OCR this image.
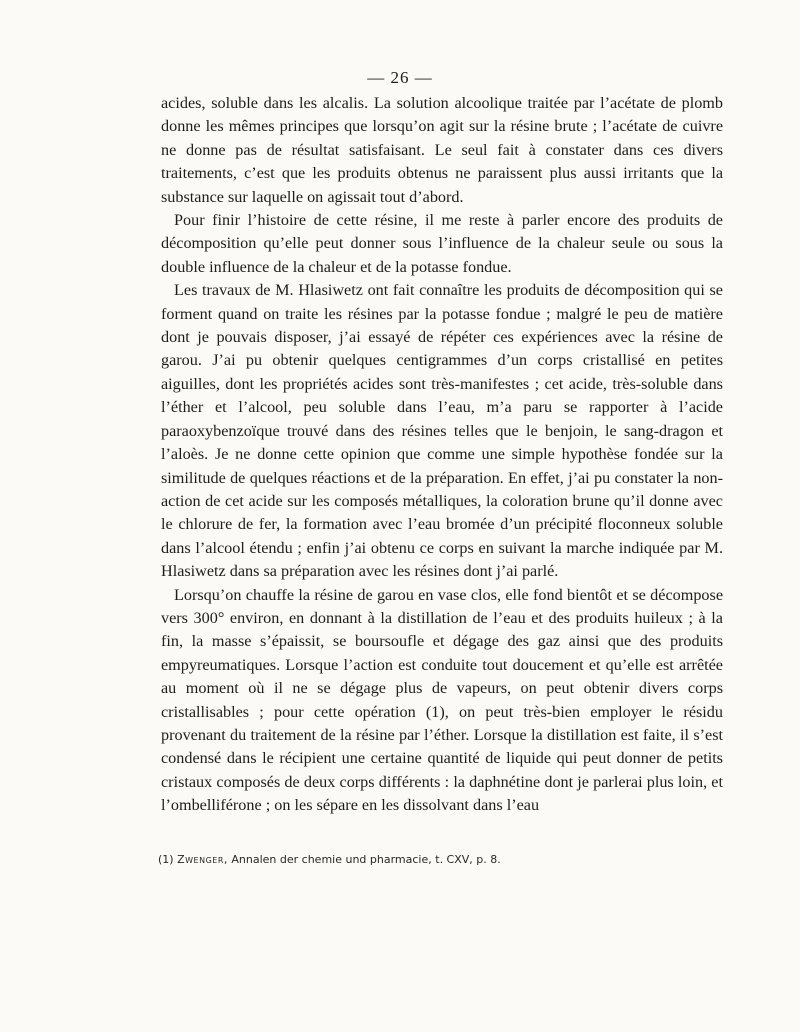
— 26 —

acides, soluble dans les alcalis. La solution alcoolique traitée par l’acétate de plomb donne les mêmes principes que lorsqu’on agit sur la résine brute ; l’acétate de cuivre ne donne pas de résultat satisfaisant. Le seul fait à constater dans ces divers traitements, c’est que les produits obtenus ne paraissent plus aussi irritants que la substance sur laquelle on agissait tout d’abord.

Pour finir l’histoire de cette résine, il me reste à parler encore des produits de décomposition qu’elle peut donner sous l’influence de la chaleur seule ou sous la double influence de la chaleur et de la potasse fondue.

Les travaux de M. Hlasiwetz ont fait connaître les produits de décomposition qui se forment quand on traite les résines par la potasse fondue ; malgré le peu de matière dont je pouvais disposer, j’ai essayé de répéter ces expériences avec la résine de garou. J’ai pu obtenir quelques centigrammes d’un corps cristallisé en petites aiguilles, dont les propriétés acides sont très-manifestes ; cet acide, très-soluble dans l’éther et l’alcool, peu soluble dans l’eau, m’a paru se rapporter à l’acide paraoxybenzoïque trouvé dans des résines telles que le benjoin, le sang-dragon et l’aloès. Je ne donne cette opinion que comme une simple hypothèse fondée sur la similitude de quelques réactions et de la préparation. En effet, j’ai pu constater la non-action de cet acide sur les composés métalliques, la coloration brune qu’il donne avec le chlorure de fer, la formation avec l’eau bromée d’un précipité floconneux soluble dans l’alcool étendu ; enfin j’ai obtenu ce corps en suivant la marche indiquée par M. Hlasiwetz dans sa préparation avec les résines dont j’ai parlé.

Lorsqu’on chauffe la résine de garou en vase clos, elle fond bientôt et se décompose vers 300° environ, en donnant à la distillation de l’eau et des produits huileux ; à la fin, la masse s’épaissit, se boursoufle et dégage des gaz ainsi que des produits empyreumatiques. Lorsque l’action est conduite tout doucement et qu’elle est arrêtée au moment où il ne se dégage plus de vapeurs, on peut obtenir divers corps cristallisables ; pour cette opération (1), on peut très-bien employer le résidu provenant du traitement de la résine par l’éther. Lorsque la distillation est faite, il s’est condensé dans le récipient une certaine quantité de liquide qui peut donner de petits cristaux composés de deux corps différents : la daphnétine dont je parlerai plus loin, et l’ombelliférone ; on les sépare en les dissolvant dans l’eau

(1) Zwenger, Annalen der chemie und pharmacie, t. CXV, p. 8.
